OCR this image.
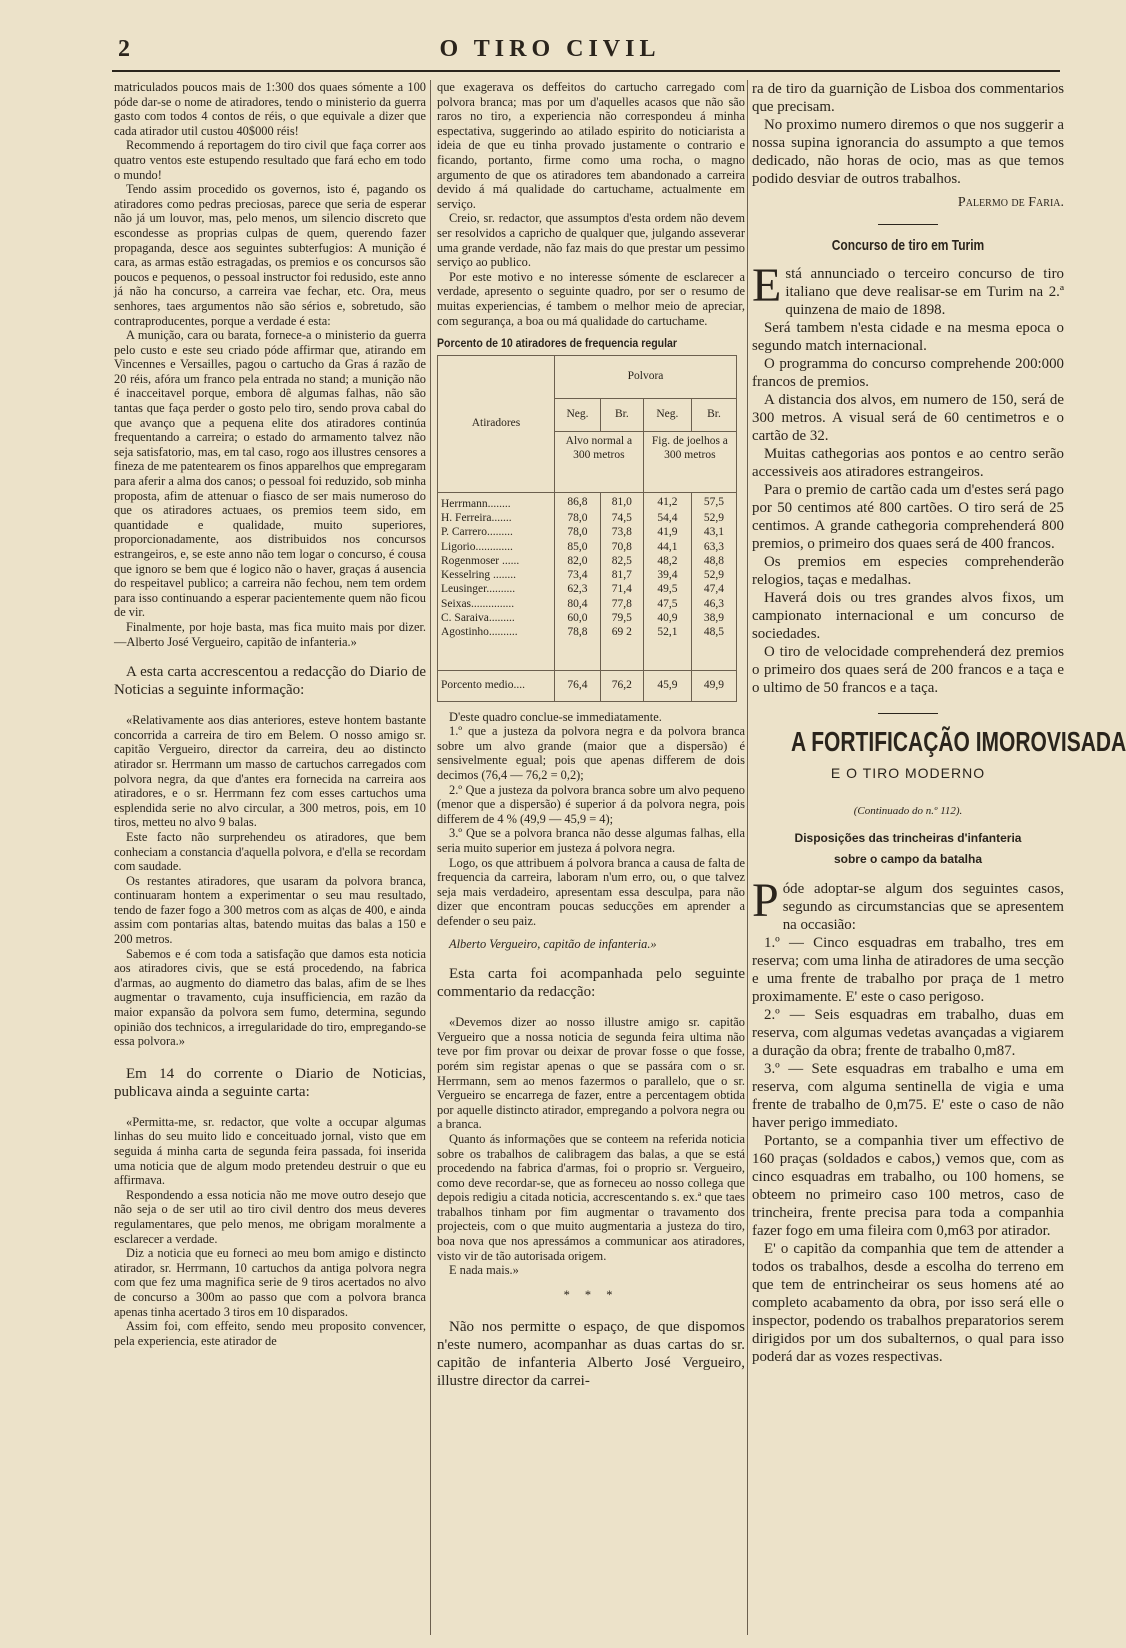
2	O TIRO CIVIL

matriculados poucos mais de 1:300 dos quaes sómente a 100 póde dar-se o nome de atiradores, tendo o ministerio da guerra gasto com todos 4 contos de réis, o que equivale a dizer que cada atirador util custou 40$000 réis!

Recommendo á reportagem do tiro civil que faça correr aos quatro ventos este estupendo resultado que fará echo em todo o mundo!

Tendo assim procedido os governos, isto é, pagando os atiradores como pedras preciosas, parece que seria de esperar não já um louvor, mas, pelo menos, um silencio discreto que escondesse as proprias culpas de quem, querendo fazer propaganda, desce aos seguintes subterfugios: A munição é cara, as armas estão estragadas, os premios e os concursos são poucos e pequenos, o pessoal instructor foi redusido, este anno já não ha concurso, a carreira vae fechar, etc. Ora, meus senhores, taes argumentos não são sérios e, sobretudo, são contraproducentes, porque a verdade é esta:

A munição, cara ou barata, fornece-a o ministerio da guerra pelo custo e este seu criado póde affirmar que, atirando em Vincennes e Versailles, pagou o cartucho da Gras á razão de 20 réis, afóra um franco pela entrada no stand; a munição não é inacceitavel porque, embora dê algumas falhas, não são tantas que faça perder o gosto pelo tiro, sendo prova cabal do que avanço que a pequena elite dos atiradores continúa frequentando a carreira; o estado do armamento talvez não seja satisfatorio, mas, em tal caso, rogo aos illustres censores a fineza de me patentearem os finos apparelhos que empregaram para aferir a alma dos canos; o pessoal foi reduzido, sob minha proposta, afim de attenuar o fiasco de ser mais numeroso do que os atiradores actuaes, os premios teem sido, em quantidade e qualidade, muito superiores, proporcionadamente, aos distribuidos nos concursos estrangeiros, e, se este anno não tem logar o concurso, é cousa que ignoro se bem que é logico não o haver, graças á ausencia do respeitavel publico; a carreira não fechou, nem tem ordem para isso continuando a esperar pacientemente quem não ficou de vir.

Finalmente, por hoje basta, mas fica muito mais por dizer. —Alberto José Vergueiro, capitão de infanteria.»

A esta carta accrescentou a redacção do Diario de Noticias a seguinte informação:

«Relativamente aos dias anteriores, esteve hontem bastante concorrida a carreira de tiro em Belem. O nosso amigo sr. capitão Vergueiro, director da carreira, deu ao distincto atirador sr. Herrmann um masso de cartuchos carregados com polvora negra, da que d'antes era fornecida na carreira aos atiradores, e o sr. Herrmann fez com esses cartuchos uma esplendida serie no alvo circular, a 300 metros, pois, em 10 tiros, metteu no alvo 9 balas.

Este facto não surprehendeu os atiradores, que bem conheciam a constancia d'aquella polvora, e d'ella se recordam com saudade.

Os restantes atiradores, que usaram da polvora branca, continuaram hontem a experimentar o seu mau resultado, tendo de fazer fogo a 300 metros com as alças de 400, e ainda assim com pontarias altas, batendo muitas das balas a 150 e 200 metros.

Sabemos e é com toda a satisfação que damos esta noticia aos atiradores civis, que se está procedendo, na fabrica d'armas, ao augmento do diametro das balas, afim de se lhes augmentar o travamento, cuja insufficiencia, em razão da maior expansão da polvora sem fumo, determina, segundo opinião dos technicos, a irregularidade do tiro, empregando-se essa polvora.»

Em 14 do corrente o Diario de Noticias, publicava ainda a seguinte carta:

«Permitta-me, sr. redactor, que volte a occupar algumas linhas do seu muito lido e conceituado jornal, visto que em seguida á minha carta de segunda feira passada, foi inserida uma noticia que de algum modo pretendeu destruir o que eu affirmava.

Respondendo a essa noticia não me move outro desejo que não seja o de ser util ao tiro civil dentro dos meus deveres regulamentares, que pelo menos, me obrigam moralmente a esclarecer a verdade.

Diz a noticia que eu forneci ao meu bom amigo e distincto atirador, sr. Herrmann, 10 cartuchos da antiga polvora negra com que fez uma magnifica serie de 9 tiros acertados no alvo de concurso a 300m ao passo que com a polvora branca apenas tinha acertado 3 tiros em 10 disparados.

Assim foi, com effeito, sendo meu proposito convencer, pela experiencia, este atirador de

que exagerava os deffeitos do cartucho carregado com polvora branca; mas por um d'aquelles acasos que não são raros no tiro, a experiencia não correspondeu á minha espectativa, suggerindo ao atilado espirito do noticiarista a ideia de que eu tinha provado justamente o contrario e ficando, portanto, firme como uma rocha, o magno argumento de que os atiradores tem abandonado a carreira devido á má qualidade do cartuchame, actualmente em serviço.

Creio, sr. redactor, que assumptos d'esta ordem não devem ser resolvidos a capricho de qualquer que, julgando asseverar uma grande verdade, não faz mais do que prestar um pessimo serviço ao publico.

Por este motivo e no interesse sómente de esclarecer a verdade, apresento o seguinte quadro, por ser o resumo de muitas experiencias, é tambem o melhor meio de apreciar, com segurança, a boa ou má qualidade do cartuchame.

Porcento de 10 atiradores de frequencia regular
Atiradores	Polvora			
	Neg.	Br.	Neg.	Br.
	Alvo normal a 300 metros		Fig. de joelhos a 300 metros	
Herrmann........	86,8	81,0	41,2	57,5
H. Ferreira.......	78,0	74,5	54,4	52,9
P. Carrero.........	78,0	73,8	41,9	43,1
Ligorio.............	85,0	70,8	44,1	63,3
Rogenmoser ......	82,0	82,5	48,2	48,8
Kesselring ........	73,4	81,7	39,4	52,9
Leusinger..........	62,3	71,4	49,5	47,4
Seixas...............	80,4	77,8	47,5	46,3
C. Saraiva.........	60,0	79,5	40,9	38,9
Agostinho..........	78,8	69 2	52,1	48,5
Porcento medio....	76,4	76,2	45,9	49,9

D'este quadro conclue-se immediatamente.

1.º que a justeza da polvora negra e da polvora branca sobre um alvo grande (maior que a dispersão) é sensivelmente egual; pois que apenas differem de dois decimos (76,4 — 76,2 = 0,2);

2.º Que a justeza da polvora branca sobre um alvo pequeno (menor que a dispersão) é superior á da polvora negra, pois differem de 4 % (49,9 — 45,9 = 4);

3.º Que se a polvora branca não desse algumas falhas, ella seria muito superior em justeza á polvora negra.

Logo, os que attribuem á polvora branca a causa de falta de frequencia da carreira, laboram n'um erro, ou, o que talvez seja mais verdadeiro, apresentam essa desculpa, para não dizer que encontram poucas seducções em aprender a defender o seu paiz.

Alberto Vergueiro, capitão de infanteria.»

Esta carta foi acompanhada pelo seguinte commentario da redacção:

«Devemos dizer ao nosso illustre amigo sr. capitão Vergueiro que a nossa noticia de segunda feira ultima não teve por fim provar ou deixar de provar fosse o que fosse, porém sim registar apenas o que se passára com o sr. Herrmann, sem ao menos fazermos o parallelo, que o sr. Vergueiro se encarrega de fazer, entre a percentagem obtida por aquelle distincto atirador, empregando a polvora negra ou a branca.

Quanto ás informações que se conteem na referida noticia sobre os trabalhos de calibragem das balas, a que se está procedendo na fabrica d'armas, foi o proprio sr. Vergueiro, como deve recordar-se, que as forneceu ao nosso collega que depois redigiu a citada noticia, accrescentando s. ex.ª que taes trabalhos tinham por fim augmentar o travamento dos projecteis, com o que muito augmentaria a justeza do tiro, boa nova que nos apressámos a communicar aos atiradores, visto vir de tão autorisada origem.

E nada mais.»

* * *

Não nos permitte o espaço, de que dispomos n'este numero, acompanhar as duas cartas do sr. capitão de infanteria Alberto José Vergueiro, illustre director da carrei-

ra de tiro da guarnição de Lisboa dos commentarios que precisam.

No proximo numero diremos o que nos suggerir a nossa supina ignorancia do assumpto a que temos dedicado, não horas de ocio, mas as que temos podido desviar de outros trabalhos.

Palermo de Faria.
Concurso de tiro em Turim

Está annunciado o terceiro concurso de tiro italiano que deve realisar-se em Turim na 2.ª quinzena de maio de 1898.

Será tambem n'esta cidade e na mesma epoca o segundo match internacional.

O programma do concurso comprehende 200:000 francos de premios.

A distancia dos alvos, em numero de 150, será de 300 metros. A visual será de 60 centimetros e o cartão de 32.

Muitas cathegorias aos pontos e ao centro serão accessiveis aos atiradores estrangeiros.

Para o premio de cartão cada um d'estes será pago por 50 centimos até 800 cartões. O tiro será de 25 centimos. A grande cathegoria comprehenderá 800 premios, o primeiro dos quaes será de 400 francos.

Os premios em especies comprehenderão relogios, taças e medalhas.

Haverá dois ou tres grandes alvos fixos, um campionato internacional e um concurso de sociedades.

O tiro de velocidade comprehenderá dez premios o primeiro dos quaes será de 200 francos e a taça e o ultimo de 50 francos e a taça.

A FORTIFICAÇÃO IMOROVISADA
E O TIRO MODERNO
(Continuado do n.º 112).
Disposições das trincheiras d'infanteria
sobre o campo da batalha

Póde adoptar-se algum dos seguintes casos, segundo as circumstancias que se apresentem na occasião:

1.º — Cinco esquadras em trabalho, tres em reserva; com uma linha de atiradores de uma secção e uma frente de trabalho por praça de 1 metro proximamente. E' este o caso perigoso.

2.º — Seis esquadras em trabalho, duas em reserva, com algumas vedetas avançadas a vigiarem a duração da obra; frente de trabalho 0,m87.

3.º — Sete esquadras em trabalho e uma em reserva, com alguma sentinella de vigia e uma frente de trabalho de 0,m75. E' este o caso de não haver perigo immediato.

Portanto, se a companhia tiver um effectivo de 160 praças (soldados e cabos,) vemos que, com as cinco esquadras em trabalho, ou 100 homens, se obteem no primeiro caso 100 metros, caso de trincheira, frente precisa para toda a companhia fazer fogo em uma fileira com 0,m63 por atirador.

E' o capitão da companhia que tem de attender a todos os trabalhos, desde a escolha do terreno em que tem de entrincheirar os seus homens até ao completo acabamento da obra, por isso será elle o inspector, podendo os trabalhos preparatorios serem dirigidos por um dos subalternos, o qual para isso poderá dar as vozes respectivas.
